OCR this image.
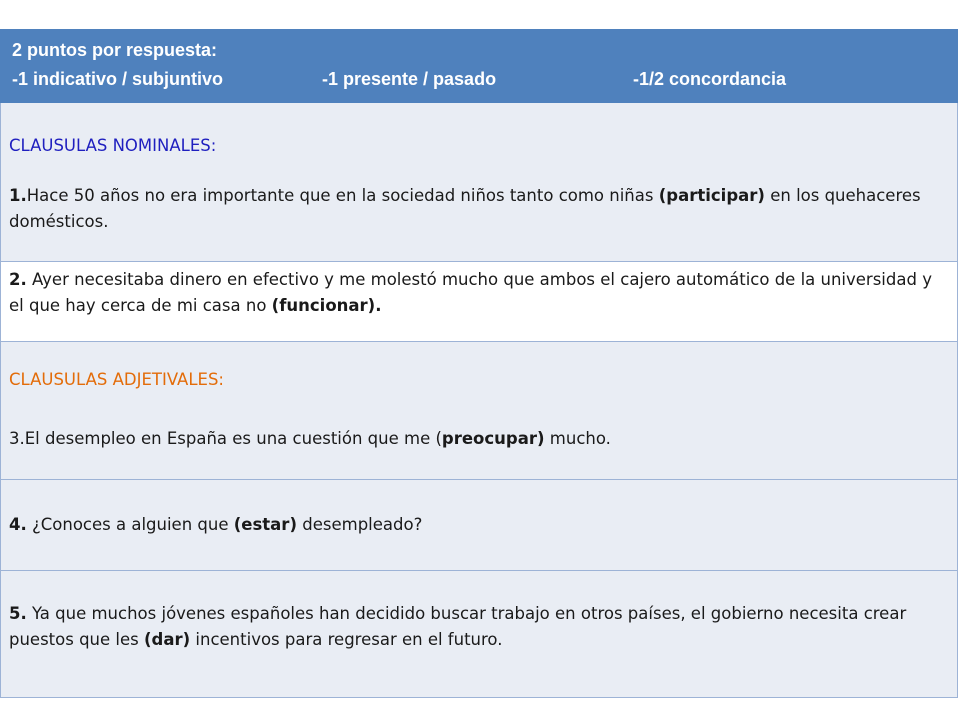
2 puntos por respuesta:
-1 indicativo / subjuntivo	-1 presente / pasado	-1/2 concordancia
CLAUSULAS NOMINALES:
1.Hace 50 años no era importante que en la sociedad niños tanto como niñas (participar) en los quehaceres domésticos.
2. Ayer necesitaba dinero en efectivo y me molestó mucho que ambos el cajero automático de la universidad y el que hay cerca de mi casa no (funcionar).
CLAUSULAS ADJETIVALES:
3.El desempleo en España es una cuestión que me (preocupar) mucho.
4. ¿Conoces a alguien que (estar) desempleado?
5. Ya que muchos jóvenes españoles han decidido buscar trabajo en otros países, el gobierno necesita crear puestos que les (dar) incentivos para regresar en el futuro.
